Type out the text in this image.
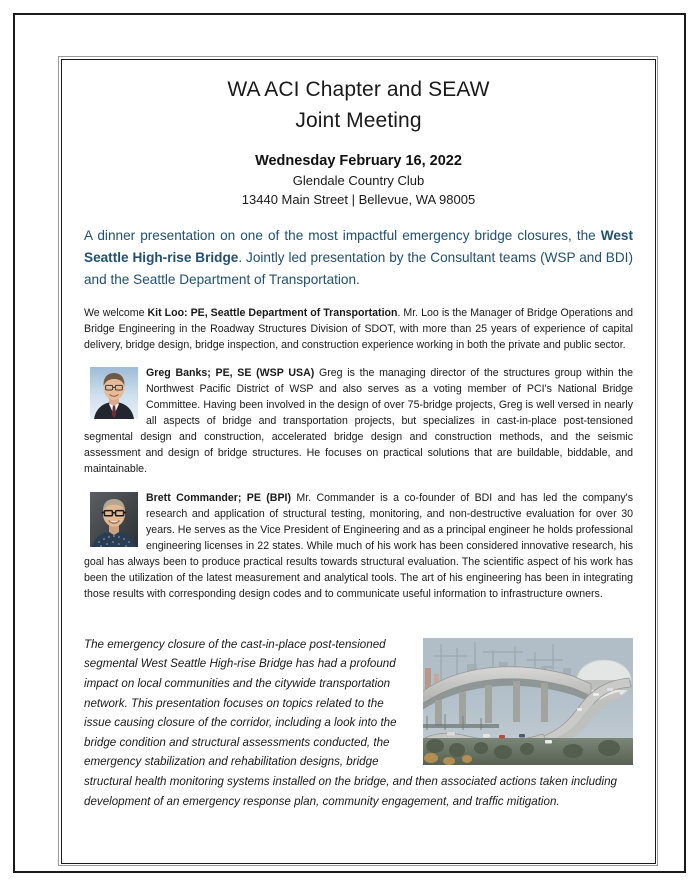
WA ACI Chapter and SEAW
Joint Meeting
Wednesday February 16, 2022
Glendale Country Club
13440 Main Street | Bellevue, WA 98005

A dinner presentation on one of the most impactful emergency bridge closures, the West Seattle High-rise Bridge. Jointly led presentation by the Consultant teams (WSP and BDI) and the Seattle Department of Transportation.

We welcome Kit Loo: PE, Seattle Department of Transportation. Mr. Loo is the Manager of Bridge Operations and Bridge Engineering in the Roadway Structures Division of SDOT, with more than 25 years of experience of capital delivery, bridge design, bridge inspection, and construction experience working in both the private and public sector.

Greg Banks; PE, SE (WSP USA) Greg is the managing director of the structures group within the Northwest Pacific District of WSP and also serves as a voting member of PCI's National Bridge Committee. Having been involved in the design of over 75-bridge projects, Greg is well versed in nearly all aspects of bridge and transportation projects, but specializes in cast-in-place post-tensioned segmental design and construction, accelerated bridge design and construction methods, and the seismic assessment and design of bridge structures. He focuses on practical solutions that are buildable, biddable, and maintainable.

Brett Commander; PE (BPI) Mr. Commander is a co-founder of BDI and has led the company's research and application of structural testing, monitoring, and non-destructive evaluation for over 30 years. He serves as the Vice President of Engineering and as a principal engineer he holds professional engineering licenses in 22 states. While much of his work has been considered innovative research, his goal has always been to produce practical results towards structural evaluation. The scientific aspect of his work has been the utilization of the latest measurement and analytical tools. The art of his engineering has been in integrating those results with corresponding design codes and to communicate useful information to infrastructure owners.

The emergency closure of the cast-in-place post-tensioned segmental West Seattle High-rise Bridge has had a profound impact on local communities and the citywide transportation network. This presentation focuses on topics related to the issue causing closure of the corridor, including a look into the bridge condition and structural assessments conducted, the emergency stabilization and rehabilitation designs, bridge structural health monitoring systems installed on the bridge, and then associated actions taken including development of an emergency response plan, community engagement, and traffic mitigation.
